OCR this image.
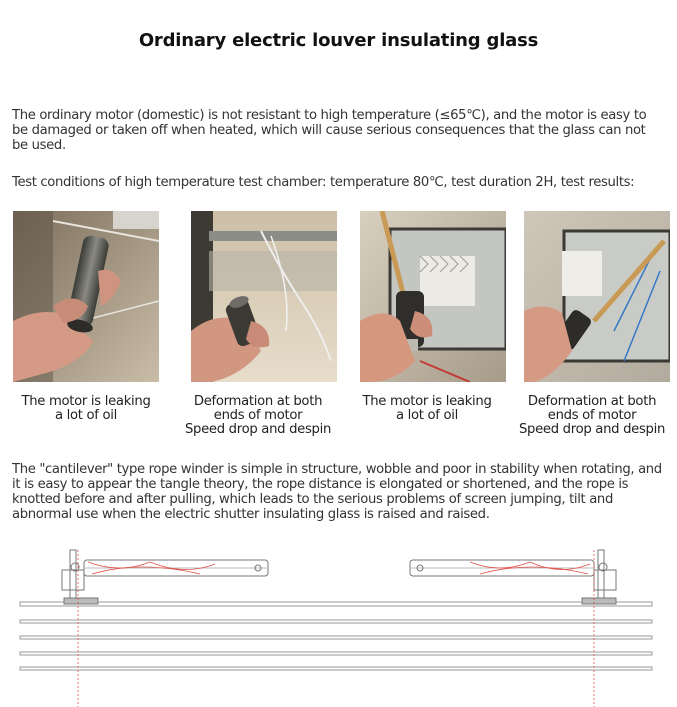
Ordinary electric louver insulating glass

The ordinary motor (domestic) is not resistant to high temperature (≤65℃), and the motor is easy to be damaged or taken off when heated, which will cause serious consequences that the glass can not be used.

Test conditions of high temperature test chamber: temperature 80℃, test duration 2H, test results:

The motor is leaking
a lot of oil
Deformation at both
ends of motor
Speed drop and despin
The motor is leaking
a lot of oil
Deformation at both
ends of motor
Speed drop and despin

The "cantilever" type rope winder is simple in structure, wobble and poor in stability when rotating, and it is easy to appear the tangle theory, the rope distance is elongated or shortened, and the rope is knotted before and after pulling, which leads to the serious problems of screen jumping, tilt and abnormal use when the electric shutter insulating glass is raised and raised.
